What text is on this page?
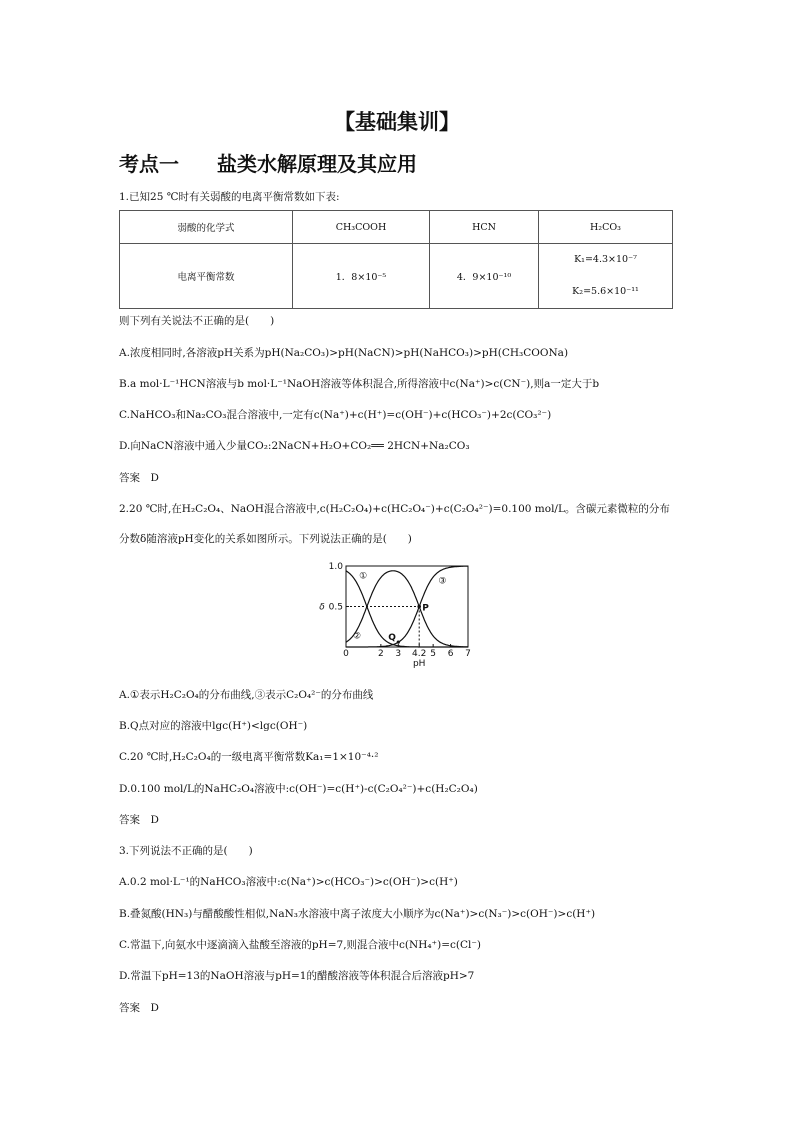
【基础集训】
考点一 盐类水解原理及其应用
1.已知25 ℃时有关弱酸的电离平衡常数如下表:
弱酸的化学式	CH₃COOH	HCN	H₂CO₃
电离平衡常数	1．8×10⁻⁵	4．9×10⁻¹⁰	K₁=4.3×10⁻⁷
K₂=5.6×10⁻¹¹
则下列有关说法不正确的是(　　)
A.浓度相同时,各溶液pH关系为pH(Na₂CO₃)>pH(NaCN)>pH(NaHCO₃)>pH(CH₃COONa)
B.a mol·L⁻¹HCN溶液与b mol·L⁻¹NaOH溶液等体积混合,所得溶液中c(Na⁺)>c(CN⁻),则a一定大于b
C.NaHCO₃和Na₂CO₃混合溶液中,一定有c(Na⁺)+c(H⁺)=c(OH⁻)+c(HCO₃⁻)+2c(CO₃²⁻)
D.向NaCN溶液中通入少量CO₂:2NaCN+H₂O+CO₂══ 2HCN+Na₂CO₃
答案　D
2.20 ℃时,在H₂C₂O₄、NaOH混合溶液中,c(H₂C₂O₄)+c(HC₂O₄⁻)+c(C₂O₄²⁻)=0.100 mol/L。含碳元素微粒的分布
分数δ随溶液pH变化的关系如图所示。下列说法正确的是(　　)
0	2 3 4.2 5 6 7
1.0
0.5
δ
pH
P
Q
①
②
③
A.①表示H₂C₂O₄的分布曲线,③表示C₂O₄²⁻的分布曲线
B.Q点对应的溶液中lgc(H⁺)<lgc(OH⁻)
C.20 ℃时,H₂C₂O₄的一级电离平衡常数Ka₁=1×10⁻⁴·²
D.0.100 mol/L的NaHC₂O₄溶液中:c(OH⁻)=c(H⁺)-c(C₂O₄²⁻)+c(H₂C₂O₄)
答案　D
3.下列说法不正确的是(　　)
A.0.2 mol·L⁻¹的NaHCO₃溶液中:c(Na⁺)>c(HCO₃⁻)>c(OH⁻)>c(H⁺)
B.叠氮酸(HN₃)与醋酸酸性相似,NaN₃水溶液中离子浓度大小顺序为c(Na⁺)>c(N₃⁻)>c(OH⁻)>c(H⁺)
C.常温下,向氨水中逐滴滴入盐酸至溶液的pH=7,则混合液中c(NH₄⁺)=c(Cl⁻)
D.常温下pH=13的NaOH溶液与pH=1的醋酸溶液等体积混合后溶液pH>7
答案　D
